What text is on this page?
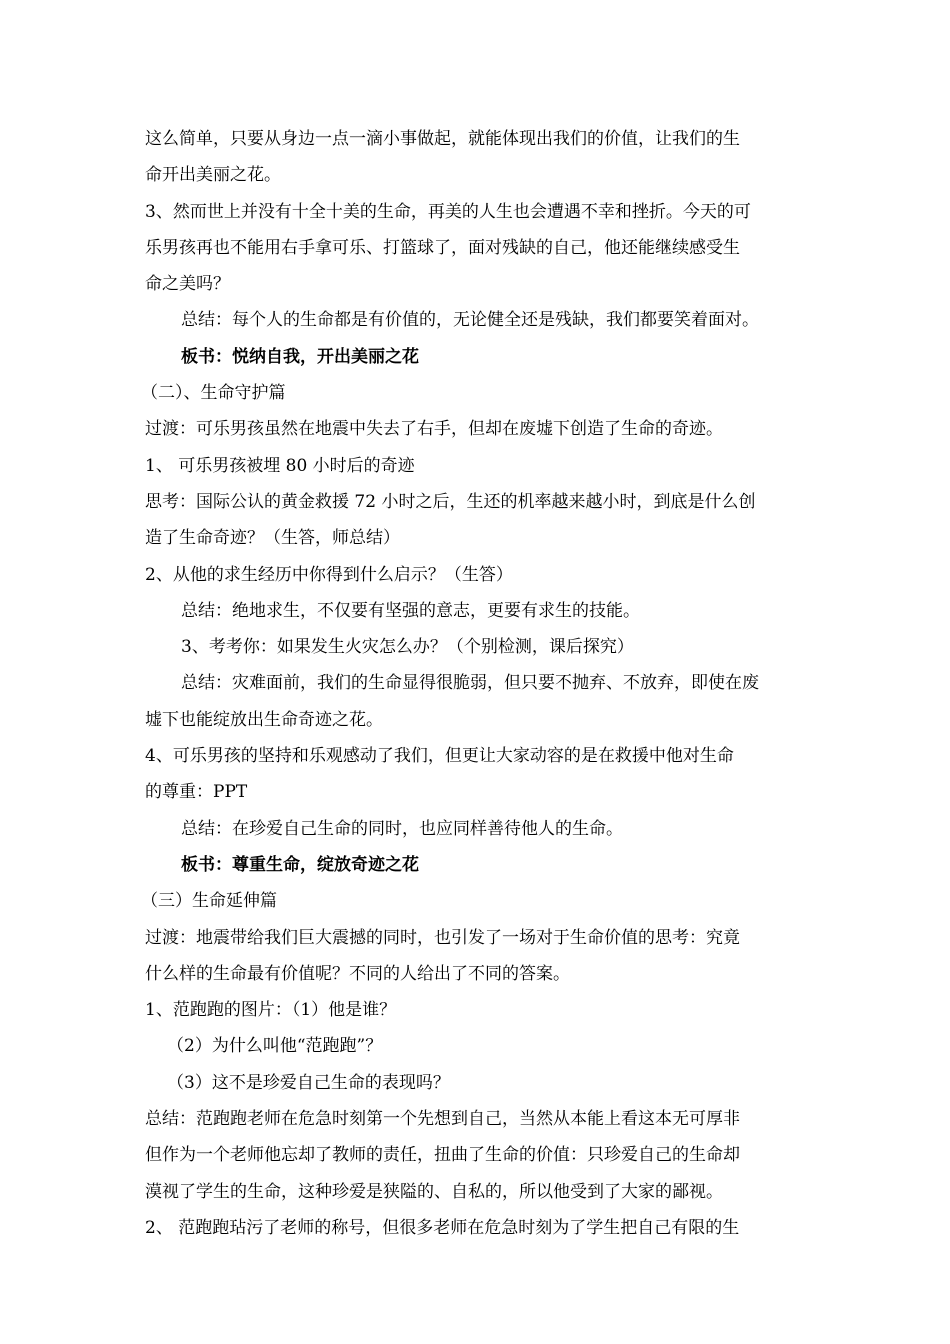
这么简单，只要从身边一点一滴小事做起，就能体现出我们的价值，让我们的生
命开出美丽之花。
3、然而世上并没有十全十美的生命，再美的人生也会遭遇不幸和挫折。今天的可
乐男孩再也不能用右手拿可乐、打篮球了，面对残缺的自己，他还能继续感受生
命之美吗？
总结：每个人的生命都是有价值的，无论健全还是残缺，我们都要笑着面对。
板书：悦纳自我，开出美丽之花
（二）、生命守护篇
过渡：可乐男孩虽然在地震中失去了右手，但却在废墟下创造了生命的奇迹。
1、 可乐男孩被埋 80 小时后的奇迹
思考：国际公认的黄金救援 72 小时之后，生还的机率越来越小时，到底是什么创
造了生命奇迹？（生答，师总结）
2、从他的求生经历中你得到什么启示？（生答）
总结：绝地求生，不仅要有坚强的意志，更要有求生的技能。
3、考考你：如果发生火灾怎么办？（个别检测，课后探究）
总结：灾难面前，我们的生命显得很脆弱，但只要不抛弃、不放弃，即使在废
墟下也能绽放出生命奇迹之花。
4、可乐男孩的坚持和乐观感动了我们，但更让大家动容的是在救援中他对生命
的尊重：PPT
总结：在珍爱自己生命的同时，也应同样善待他人的生命。
板书：尊重生命，绽放奇迹之花
（三）生命延伸篇
过渡：地震带给我们巨大震撼的同时，也引发了一场对于生命价值的思考：究竟
什么样的生命最有价值呢？不同的人给出了不同的答案。
1、范跑跑的图片：（1）他是谁？
（2）为什么叫他“范跑跑”？
（3）这不是珍爱自己生命的表现吗？
总结：范跑跑老师在危急时刻第一个先想到自己，当然从本能上看这本无可厚非
但作为一个老师他忘却了教师的责任，扭曲了生命的价值：只珍爱自己的生命却
漠视了学生的生命，这种珍爱是狭隘的、自私的，所以他受到了大家的鄙视。
2、 范跑跑玷污了老师的称号，但很多老师在危急时刻为了学生把自己有限的生
